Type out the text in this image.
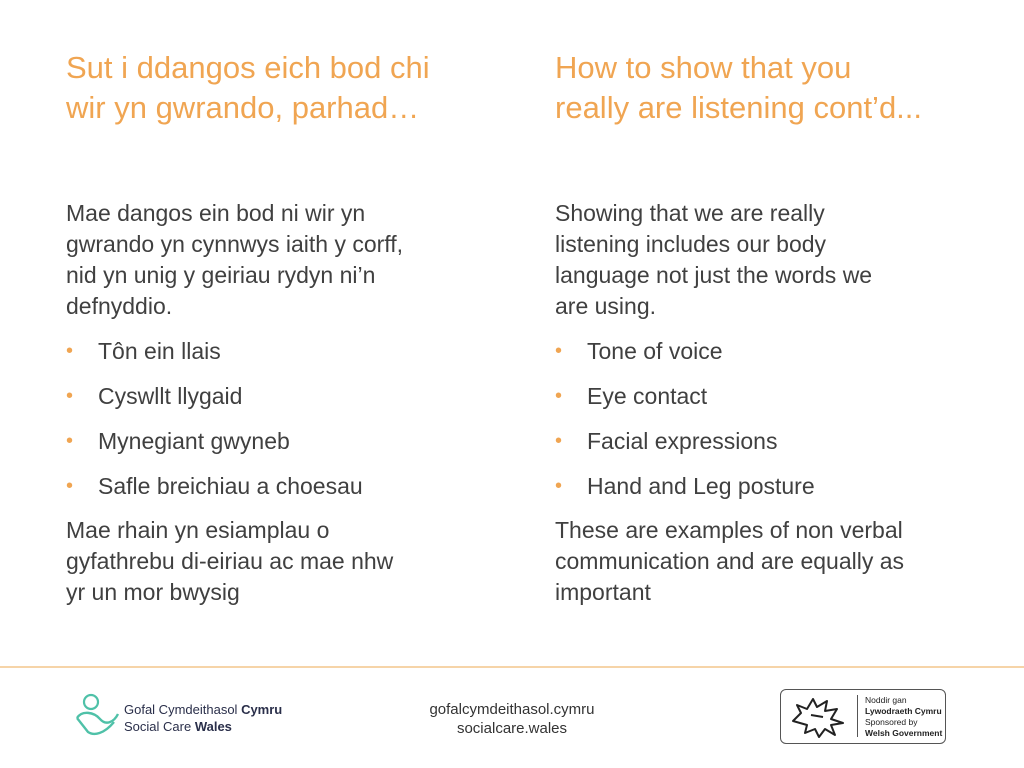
Sut i ddangos eich bod chi
wir yn gwrando, parhad…

Mae dangos ein bod ni wir yn
gwrando yn cynnwys iaith y corff,
nid yn unig y geiriau rydyn ni’n
defnyddio.

• Tôn ein llais
• Cyswllt llygaid
• Mynegiant gwyneb
• Safle breichiau a choesau

Mae rhain yn esiamplau o
gyfathrebu di-eiriau ac mae nhw
yr un mor bwysig

How to show that you
really are listening cont’d...

Showing that we are really
listening includes our body
language not just the words we
are using.

• Tone of voice
• Eye contact
• Facial expressions
• Hand and Leg posture

These are examples of non verbal
communication and are equally as
important

Gofal Cymdeithasol Cymru
Social Care Wales
gofalcymdeithasol.cymru
socialcare.wales
Noddir gan
Lywodraeth Cymru
Sponsored by
Welsh Government
